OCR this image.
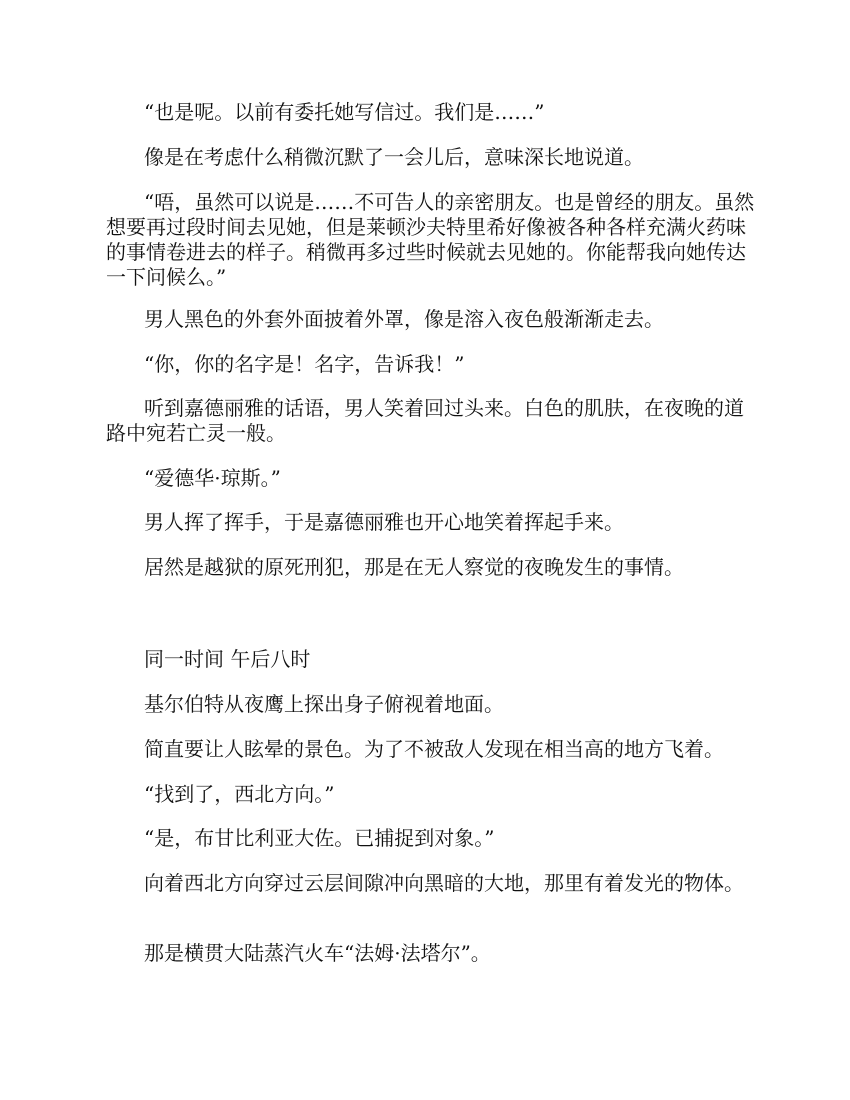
“也是呢。以前有委托她写信过。我们是……”

像是在考虑什么稍微沉默了一会儿后，意味深长地说道。

“唔，虽然可以说是……不可告人的亲密朋友。也是曾经的朋友。虽然想要再过段时间去见她，但是莱顿沙夫特里希好像被各种各样充满火药味的事情卷进去的样子。稍微再多过些时候就去见她的。你能帮我向她传达一下问候么。”

男人黑色的外套外面披着外罩，像是溶入夜色般渐渐走去。

“你，你的名字是！名字，告诉我！”

听到嘉德丽雅的话语，男人笑着回过头来。白色的肌肤，在夜晚的道路中宛若亡灵一般。

“爱德华·琼斯。”

男人挥了挥手，于是嘉德丽雅也开心地笑着挥起手来。

居然是越狱的原死刑犯，那是在无人察觉的夜晚发生的事情。

同一时间 午后八时

基尔伯特从夜鹰上探出身子俯视着地面。

简直要让人眩晕的景色。为了不被敌人发现在相当高的地方飞着。

“找到了，西北方向。”

“是，布甘比利亚大佐。已捕捉到对象。”

向着西北方向穿过云层间隙冲向黑暗的大地，那里有着发光的物体。

那是横贯大陆蒸汽火车“法姆·法塔尔”。
